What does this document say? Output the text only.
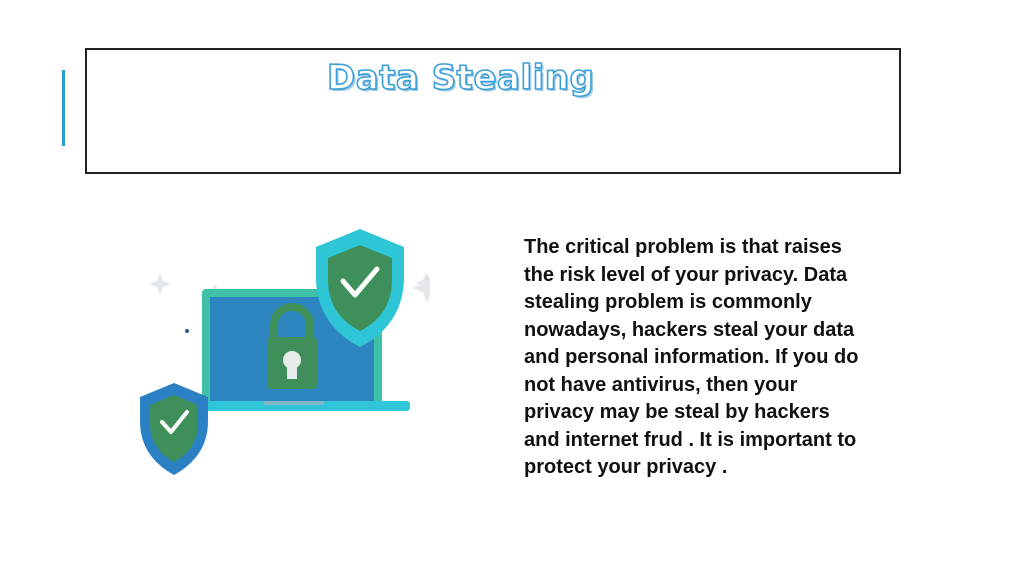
Data Stealing

The critical problem is that raises
the risk level of your privacy. Data
stealing problem is commonly
nowadays, hackers steal your data
and personal information. If you do
not have antivirus, then your
privacy may be steal by hackers
and internet frud . It is important to
protect your privacy .
